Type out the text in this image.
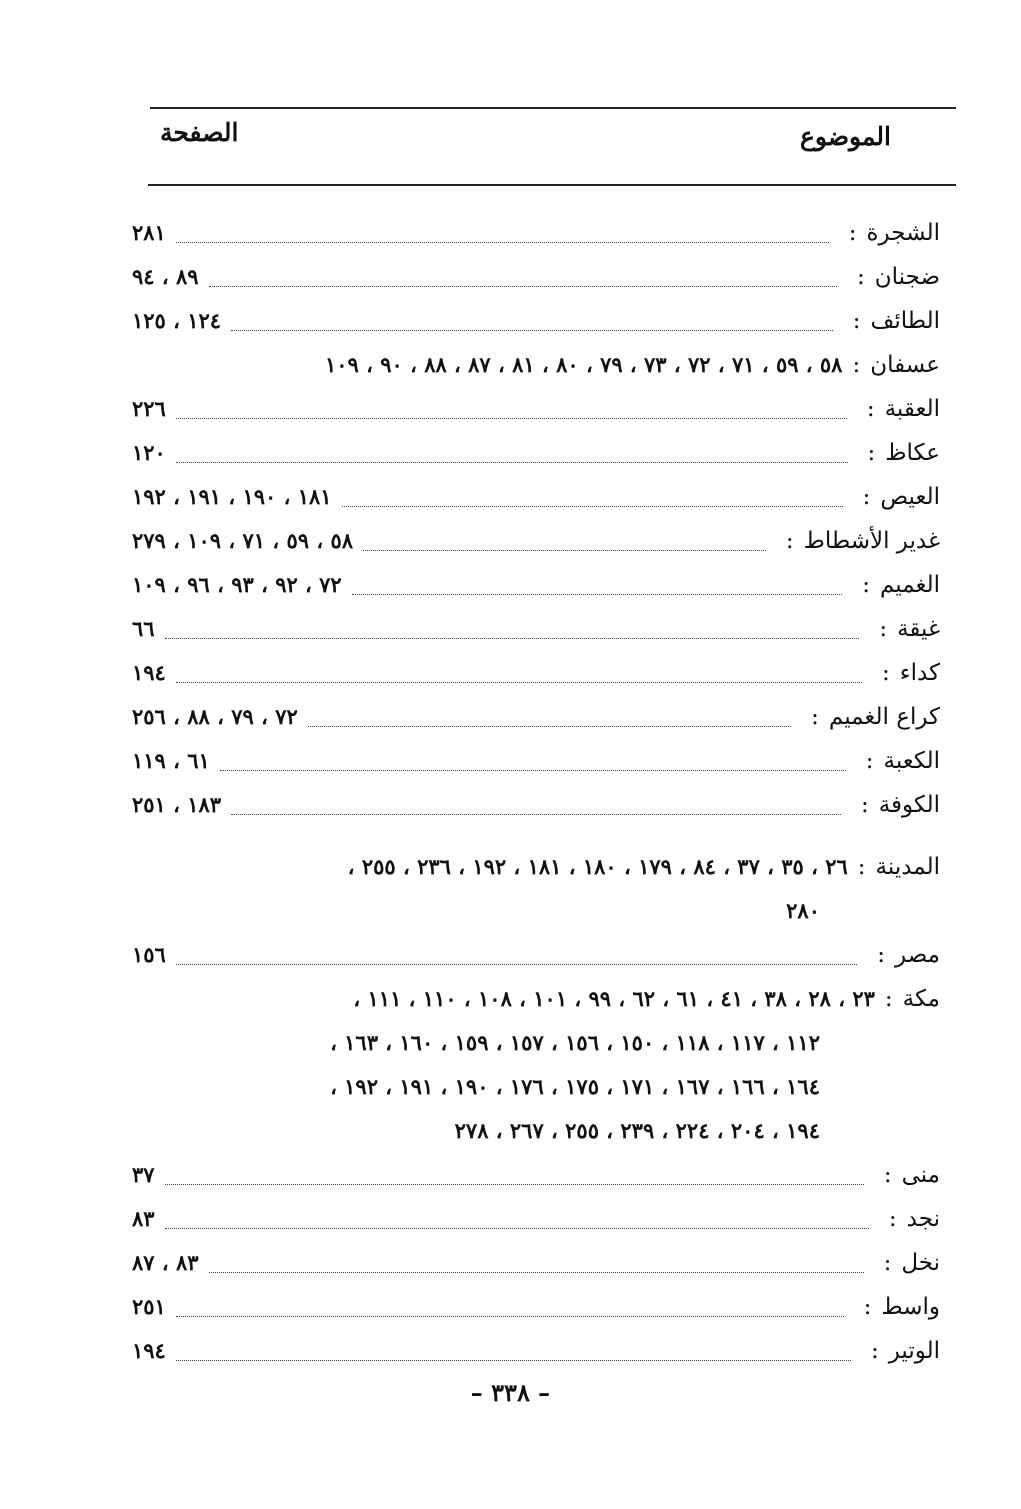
الموضوع
الصفحة
الشجرة
:
٢٨١
ضجنان
:
٨٩ ، ٩٤
الطائف
:
١٢٤ ، ١٢٥
عسفان
:
٥٨ ، ٥٩ ، ٧١ ، ٧٢ ، ٧٣ ، ٧٩ ، ٨٠ ، ٨١ ، ٨٧ ، ٨٨ ، ٩٠ ، ١٠٩
العقبة
:
٢٢٦
عكاظ
:
١٢٠
العيص
:
١٨١ ، ١٩٠ ، ١٩١ ، ١٩٢
غدير الأشطاط
:
٥٨ ، ٥٩ ، ٧١ ، ١٠٩ ، ٢٧٩
الغميم
:
٧٢ ، ٩٢ ، ٩٣ ، ٩٦ ، ١٠٩
غيقة
:
٦٦
كداء
:
١٩٤
كراع الغميم
:
٧٢ ، ٧٩ ، ٨٨ ، ٢٥٦
الكعبة
:
٦١ ، ١١٩
الكوفة
:
١٨٣ ، ٢٥١
المدينة
:
٢٦ ، ٣٥ ، ٣٧ ، ٨٤ ، ١٧٩ ، ١٨٠ ، ١٨١ ، ١٩٢ ، ٢٣٦ ، ٢٥٥ ،
٢٨٠
مصر
:
١٥٦
مكة
:
٢٣ ، ٢٨ ، ٣٨ ، ٤١ ، ٦١ ، ٦٢ ، ٩٩ ، ١٠١ ، ١٠٨ ، ١١٠ ، ١١١ ،
١١٢ ، ١١٧ ، ١١٨ ، ١٥٠ ، ١٥٦ ، ١٥٧ ، ١٥٩ ، ١٦٠ ، ١٦٣ ،
١٦٤ ، ١٦٦ ، ١٦٧ ، ١٧١ ، ١٧٥ ، ١٧٦ ، ١٩٠ ، ١٩١ ، ١٩٢ ،
١٩٤ ، ٢٠٤ ، ٢٢٤ ، ٢٣٩ ، ٢٥٥ ، ٢٦٧ ، ٢٧٨
منى
:
٣٧
نجد
:
٨٣
نخل
:
٨٣ ، ٨٧
واسط
:
٢٥١
الوتير
:
١٩٤
– ٣٣٨ –
